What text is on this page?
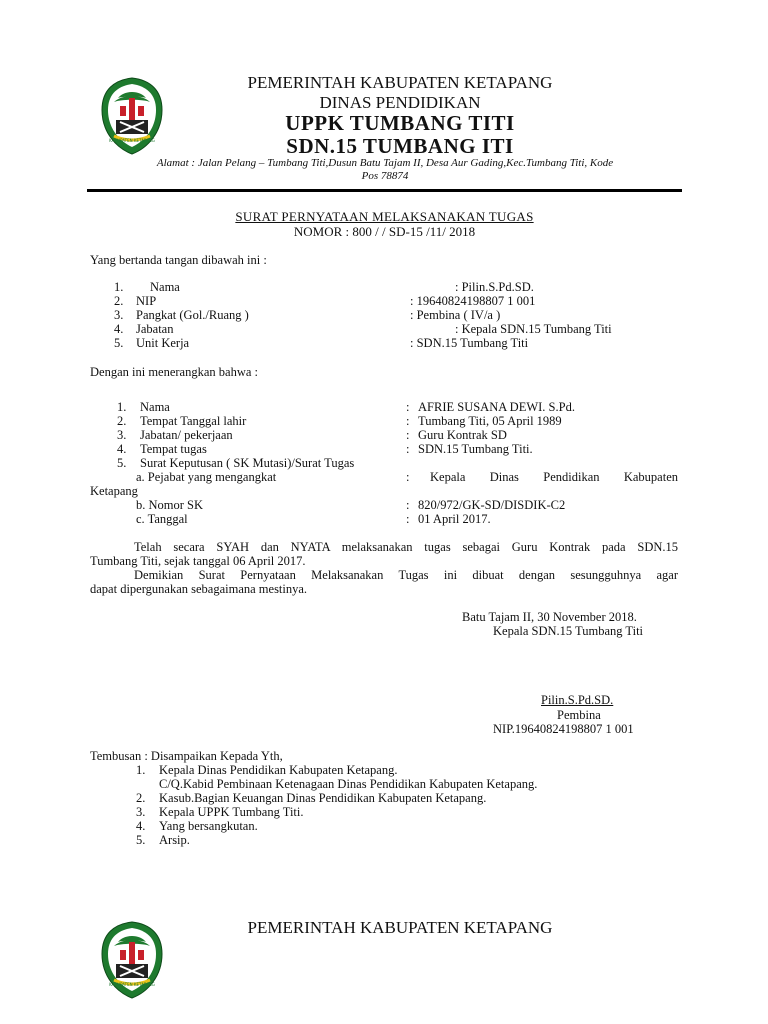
KABUPATEN KETAPANG
PEMERINTAH KABUPATEN KETAPANG
DINAS PENDIDIKAN
UPPK TUMBANG TITI
SDN.15 TUMBANG ITI
Alamat : Jalan Pelang – Tumbang Titi,Dusun Batu Tajam II, Desa Aur Gading,Kec.Tumbang Titi, Kode
Pos 78874
SURAT PERNYATAAN MELAKSANAKAN TUGAS
NOMOR : 800 / / SD-15 /11/ 2018
Yang bertanda tangan dibawah ini :
1. Nama	: Pilin.S.Pd.SD.
2. NIP	: 19640824198807 1 001
3. Pangkat (Gol./Ruang )	: Pembina ( IV/a )
4. Jabatan	: Kepala SDN.15 Tumbang Titi
5. Unit Kerja	: SDN.15 Tumbang Titi
Dengan ini menerangkan bahwa :
1. Nama	: AFRIE SUSANA DEWI. S.Pd.
2. Tempat Tanggal lahir	: Tumbang Titi, 05 April 1989
3. Jabatan/ pekerjaan	: Guru Kontrak SD
4. Tempat tugas	: SDN.15 Tumbang Titi.
5. Surat Keputusan ( SK Mutasi)/Surat Tugas
a. Pejabat yang mengangkat	: Kepala Dinas Pendidikan Kabupaten
Ketapang
b. Nomor SK	: 820/972/GK-SD/DISDIK-C2
c. Tanggal	: 01 April 2017.
Telah secara SYAH dan NYATA melaksanakan tugas sebagai Guru Kontrak pada SDN.15
Tumbang Titi, sejak tanggal 06 April 2017.
Demikian Surat Pernyataan Melaksanakan Tugas ini dibuat dengan sesungguhnya agar
dapat dipergunakan sebagaimana mestinya.
Batu Tajam II, 30 November 2018.
Kepala SDN.15 Tumbang Titi
Pilin.S.Pd.SD.
Pembina
NIP.19640824198807 1 001
Tembusan : Disampaikan Kepada Yth,
1. Kepala Dinas Pendidikan Kabupaten Ketapang.
C/Q.Kabid Pembinaan Ketenagaan Dinas Pendidikan Kabupaten Ketapang.
2. Kasub.Bagian Keuangan Dinas Pendidikan Kabupaten Ketapang.
3. Kepala UPPK Tumbang Titi.
4. Yang bersangkutan.
5. Arsip.
KABUPATEN KETAPANG
PEMERINTAH KABUPATEN KETAPANG
